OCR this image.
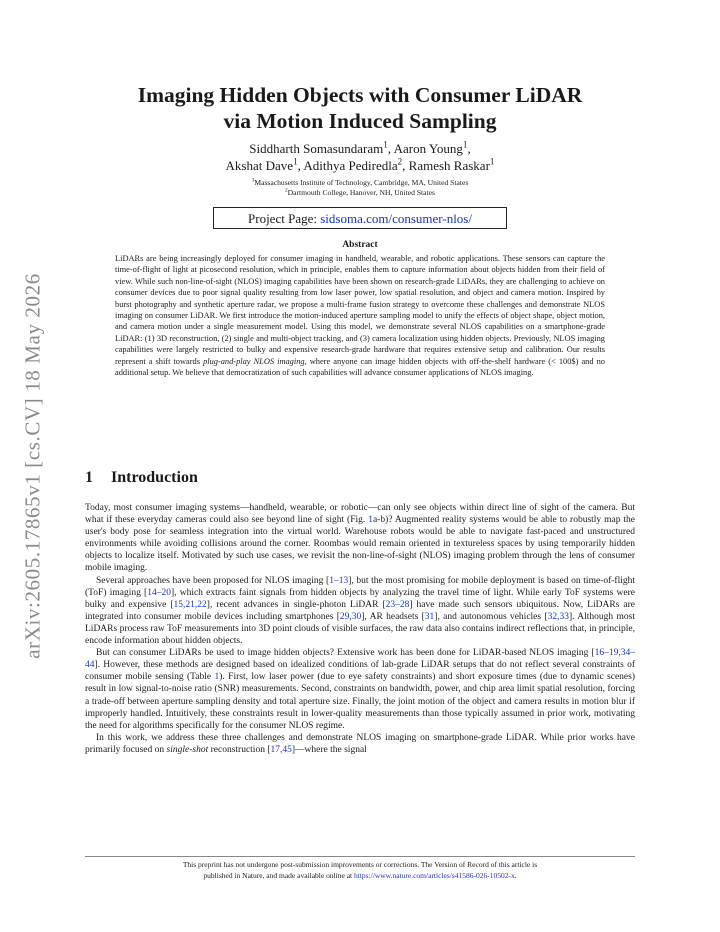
arXiv:2605.17865v1 [cs.CV] 18 May 2026
Imaging Hidden Objects with Consumer LiDAR
via Motion Induced Sampling
Siddharth Somasundaram$^1$, Aaron Young$^1$,
Akshat Dave$^1$, Adithya Pediredla$^2$, Ramesh Raskar$^1$
$^1$Massachusetts Institute of Technology, Cambridge, MA, United States
$^2$Dartmouth College, Hanover, NH, United States
Project Page: sidsoma.com/consumer-nlos/
Abstract
LiDARs are being increasingly deployed for consumer imaging in handheld, wearable, and robotic applications. These sensors can capture the time-of-flight of light at picosecond resolution, which in principle, enables them to capture information about objects hidden from their field of view. While such non-line-of-sight (NLOS) imaging capabilities have been shown on research-grade LiDARs, they are challenging to achieve on consumer devices due to poor signal quality resulting from low laser power, low spatial resolution, and object and camera motion. Inspired by burst photography and synthetic aperture radar, we propose a multi-frame fusion strategy to overcome these challenges and demonstrate NLOS imaging on consumer LiDAR. We first introduce the motion-induced aperture sampling model to unify the effects of object shape, object motion, and camera motion under a single measurement model. Using this model, we demonstrate several NLOS capabilities on a smartphone-grade LiDAR: (1) 3D reconstruction, (2) single and multi-object tracking, and (3) camera localization using hidden objects. Previously, NLOS imaging capabilities were largely restricted to bulky and expensive research-grade hardware that requires extensive setup and calibration. Our results represent a shift towards plug-and-play NLOS imaging, where anyone can image hidden objects with off-the-shelf hardware (< 100$) and no additional setup. We believe that democratization of such capabilities will advance consumer applications of NLOS imaging.
1 Introduction

Today, most consumer imaging systems—handheld, wearable, or robotic—can only see objects within direct line of sight of the camera. But what if these everyday cameras could also see beyond line of sight (Fig. 1a-b)? Augmented reality systems would be able to robustly map the user's body pose for seamless integration into the virtual world. Warehouse robots would be able to navigate fast-paced and unstructured environments while avoiding collisions around the corner. Roombas would remain oriented in textureless spaces by using temporarily hidden objects to localize itself. Motivated by such use cases, we revisit the non-line-of-sight (NLOS) imaging problem through the lens of consumer mobile imaging.

Several approaches have been proposed for NLOS imaging [1–13], but the most promising for mobile deployment is based on time-of-flight (ToF) imaging [14–20], which extracts faint signals from hidden objects by analyzing the travel time of light. While early ToF systems were bulky and expensive [15,21,22], recent advances in single-photon LiDAR [23–28] have made such sensors ubiquitous. Now, LiDARs are integrated into consumer mobile devices including smartphones [29,30], AR headsets [31], and autonomous vehicles [32,33]. Although most LiDARs process raw ToF measurements into 3D point clouds of visible surfaces, the raw data also contains indirect reflections that, in principle, encode information about hidden objects.

But can consumer LiDARs be used to image hidden objects? Extensive work has been done for LiDAR-based NLOS imaging [16–19,34–44]. However, these methods are designed based on idealized conditions of lab-grade LiDAR setups that do not reflect several constraints of consumer mobile sensing (Table 1). First, low laser power (due to eye safety constraints) and short exposure times (due to dynamic scenes) result in low signal-to-noise ratio (SNR) measurements. Second, constraints on bandwidth, power, and chip area limit spatial resolution, forcing a trade-off between aperture sampling density and total aperture size. Finally, the joint motion of the object and camera results in motion blur if improperly handled. Intuitively, these constraints result in lower-quality measurements than those typically assumed in prior work, motivating the need for algorithms specifically for the consumer NLOS regime.

In this work, we address these three challenges and demonstrate NLOS imaging on smartphone-grade LiDAR. While prior works have primarily focused on single-shot reconstruction [17,45]—where the signal

This preprint has not undergone post-submission improvements or corrections. The Version of Record of this article is
published in Nature, and made available online at https://www.nature.com/articles/s41586-026-10502-x.
